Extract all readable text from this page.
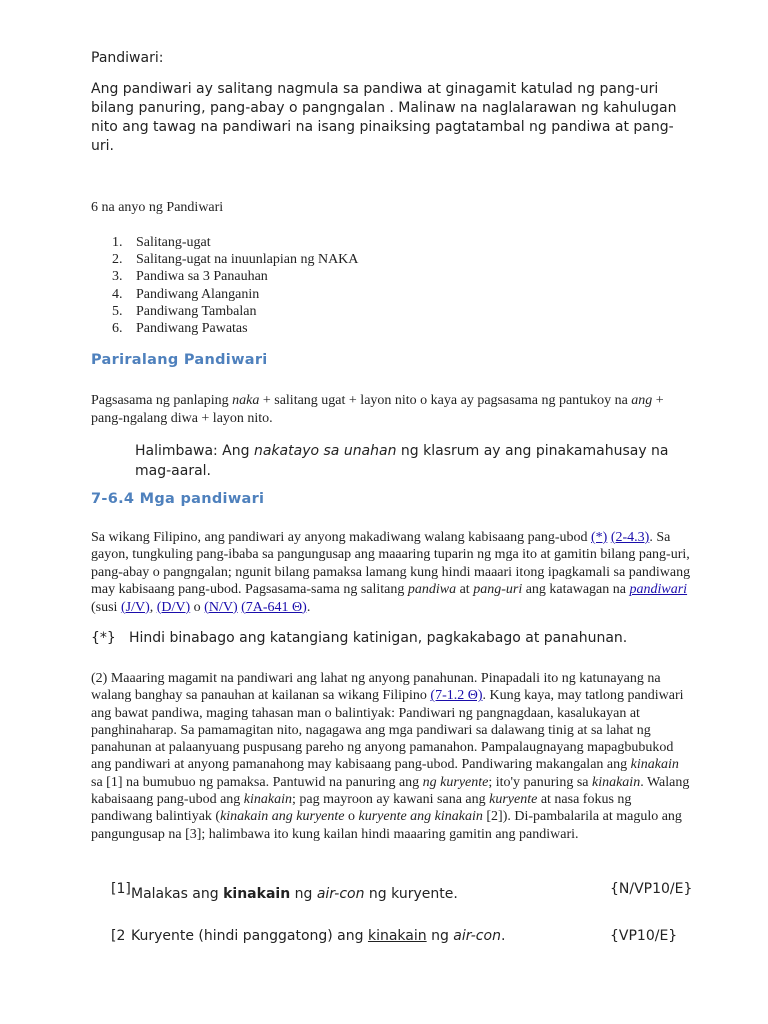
Pandiwari:

Ang pandiwari ay salitang nagmula sa pandiwa at ginagamit katulad ng pang-uri bilang panuring, pang-abay o pangngalan . Malinaw na naglalarawan ng kahulugan nito ang tawag na pandiwari na isang pinaiksing pagtatambal ng pandiwa at pang-uri.

6 na anyo ng Pandiwari

1. Salitang-ugat
2. Salitang-ugat na inuunlapian ng NAKA
3. Pandiwa sa 3 Panauhan
4. Pandiwang Alanganin
5. Pandiwang Tambalan
6. Pandiwang Pawatas

Pariralang Pandiwari

Pagsasama ng panlaping naka + salitang ugat + layon nito o kaya ay pagsasama ng pantukoy na ang + pang-ngalang diwa + layon nito.

Halimbawa: Ang nakatayo sa unahan ng klasrum ay ang pinakamahusay na mag-aaral.

7-6.4 Mga pandiwari

Sa wikang Filipino, ang pandiwari ay anyong makadiwang walang kabisaang pang-ubod (*) (2-4.3). Sa gayon, tungkuling pang-ibaba sa pangungusap ang maaaring tuparin ng mga ito at gamitin bilang pang-uri, pang-abay o pangngalan; ngunit bilang pamaksa lamang kung hindi maaari itong ipagkamali sa pandiwang may kabisaang pang-ubod. Pagsasama-sama ng salitang pandiwa at pang-uri ang katawagan na pandiwari (susi (J/V), (D/V) o (N/V) (7A-641 Θ).

{*} Hindi binabago ang katangiang katinigan, pagkakabago at panahunan.

(2) Maaaring magamit na pandiwari ang lahat ng anyong panahunan. Pinapadali ito ng katunayang na walang banghay sa panauhan at kailanan sa wikang Filipino (7-1.2 Θ). Kung kaya, may tatlong pandiwari ang bawat pandiwa, maging tahasan man o balintiyak: Pandiwari ng pangnagdaan, kasalukayan at panghinaharap. Sa pamamagitan nito, nagagawa ang mga pandiwari sa dalawang tinig at sa lahat ng panahunan at palaanyuang puspusang pareho ng anyong pamanahon. Pampalaugnayang mapagbubukod ang pandiwari at anyong pamanahong may kabisaang pang-ubod. Pandiwaring makangalan ang kinakain sa [1] na bumubuo ng pamaksa. Pantuwid na panuring ang ng kuryente; ito'y panuring sa kinakain. Walang kabaisaang pang-ubod ang kinakain; pag mayroon ay kawani sana ang kuryente at nasa fokus ng pandiwang balintiyak (kinakain ang kuryente o kuryente ang kinakain [2]). Di-pambalarila at magulo ang pangungusap na [3]; halimbawa ito kung kailan hindi maaaring gamitin ang pandiwari.

[1] Malakas ang kinakain ng air-con ng kuryente.	{N/VP10/E}
[2 Kuryente (hindi panggatong) ang kinakain ng air-con.	{VP10/E}
